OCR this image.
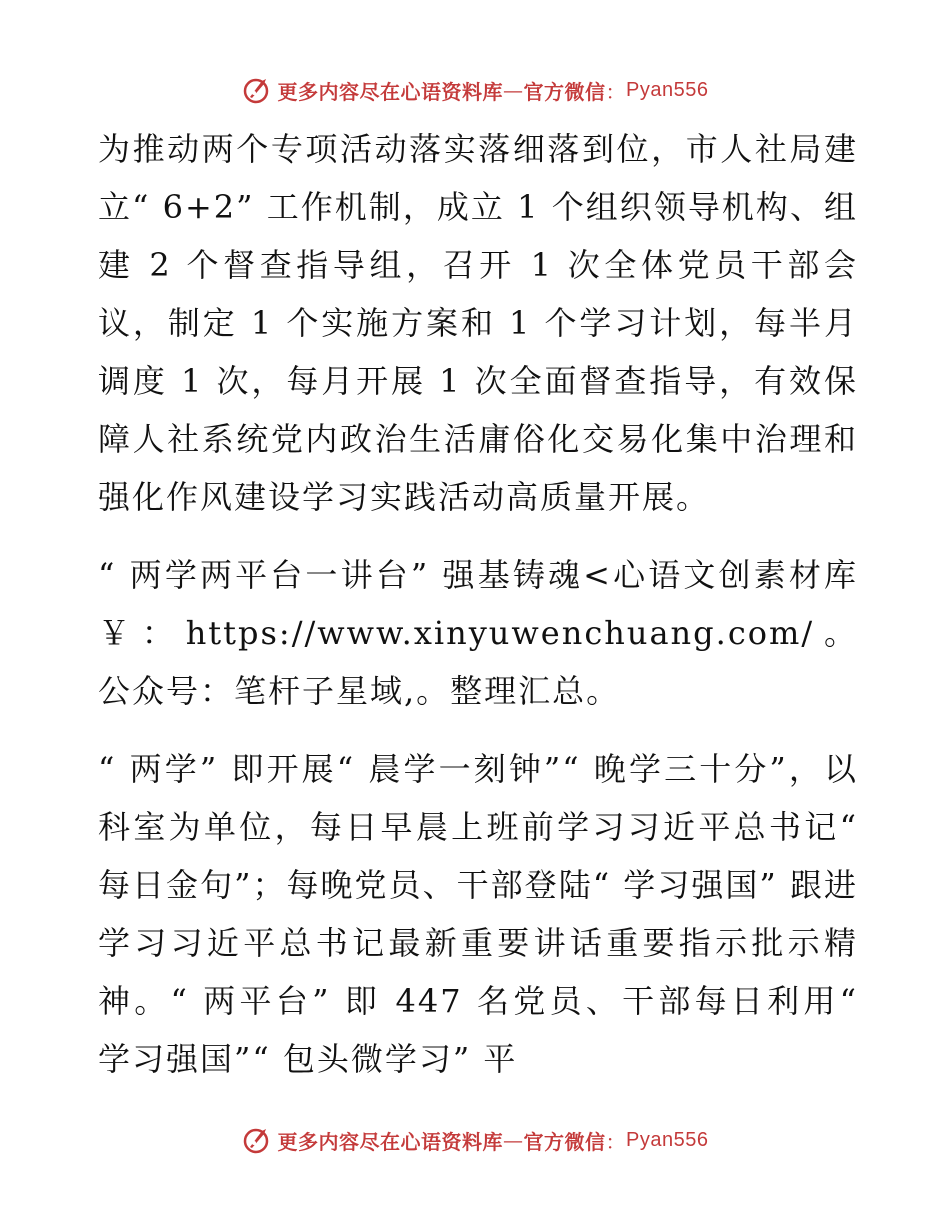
更多内容尽在心语资料库 — 官方微信 ： Pyan556

为推动两个专项活动落实落细落到位，市人社局建立“ 6+2” 工作机制，成立 1 个组织领导机构、组建 2 个督查指导组，召开 1 次全体党员干部会议，制定 1 个实施方案和 1 个学习计划，每半月调度 1 次，每月开展 1 次全面督查指导，有效保障人社系统党内政治生活庸俗化交易化集中治理和强化作风建设学习实践活动高质量开展。

“ 两学两平台一讲台” 强基铸魂<心语文创素材库￥：https://www.xinyuwenchuang.com/。公众号：笔杆子星域,。整理汇总。

“ 两学” 即开展“ 晨学一刻钟”“ 晚学三十分”，以科室为单位，每日早晨上班前学习习近平总书记“ 每日金句”；每晚党员、干部登陆“ 学习强国” 跟进学习习近平总书记最新重要讲话重要指示批示精神。“ 两平台” 即 447 名党员、干部每日利用“ 学习强国”“ 包头微学习” 平

更多内容尽在心语资料库 — 官方微信 ： Pyan556
